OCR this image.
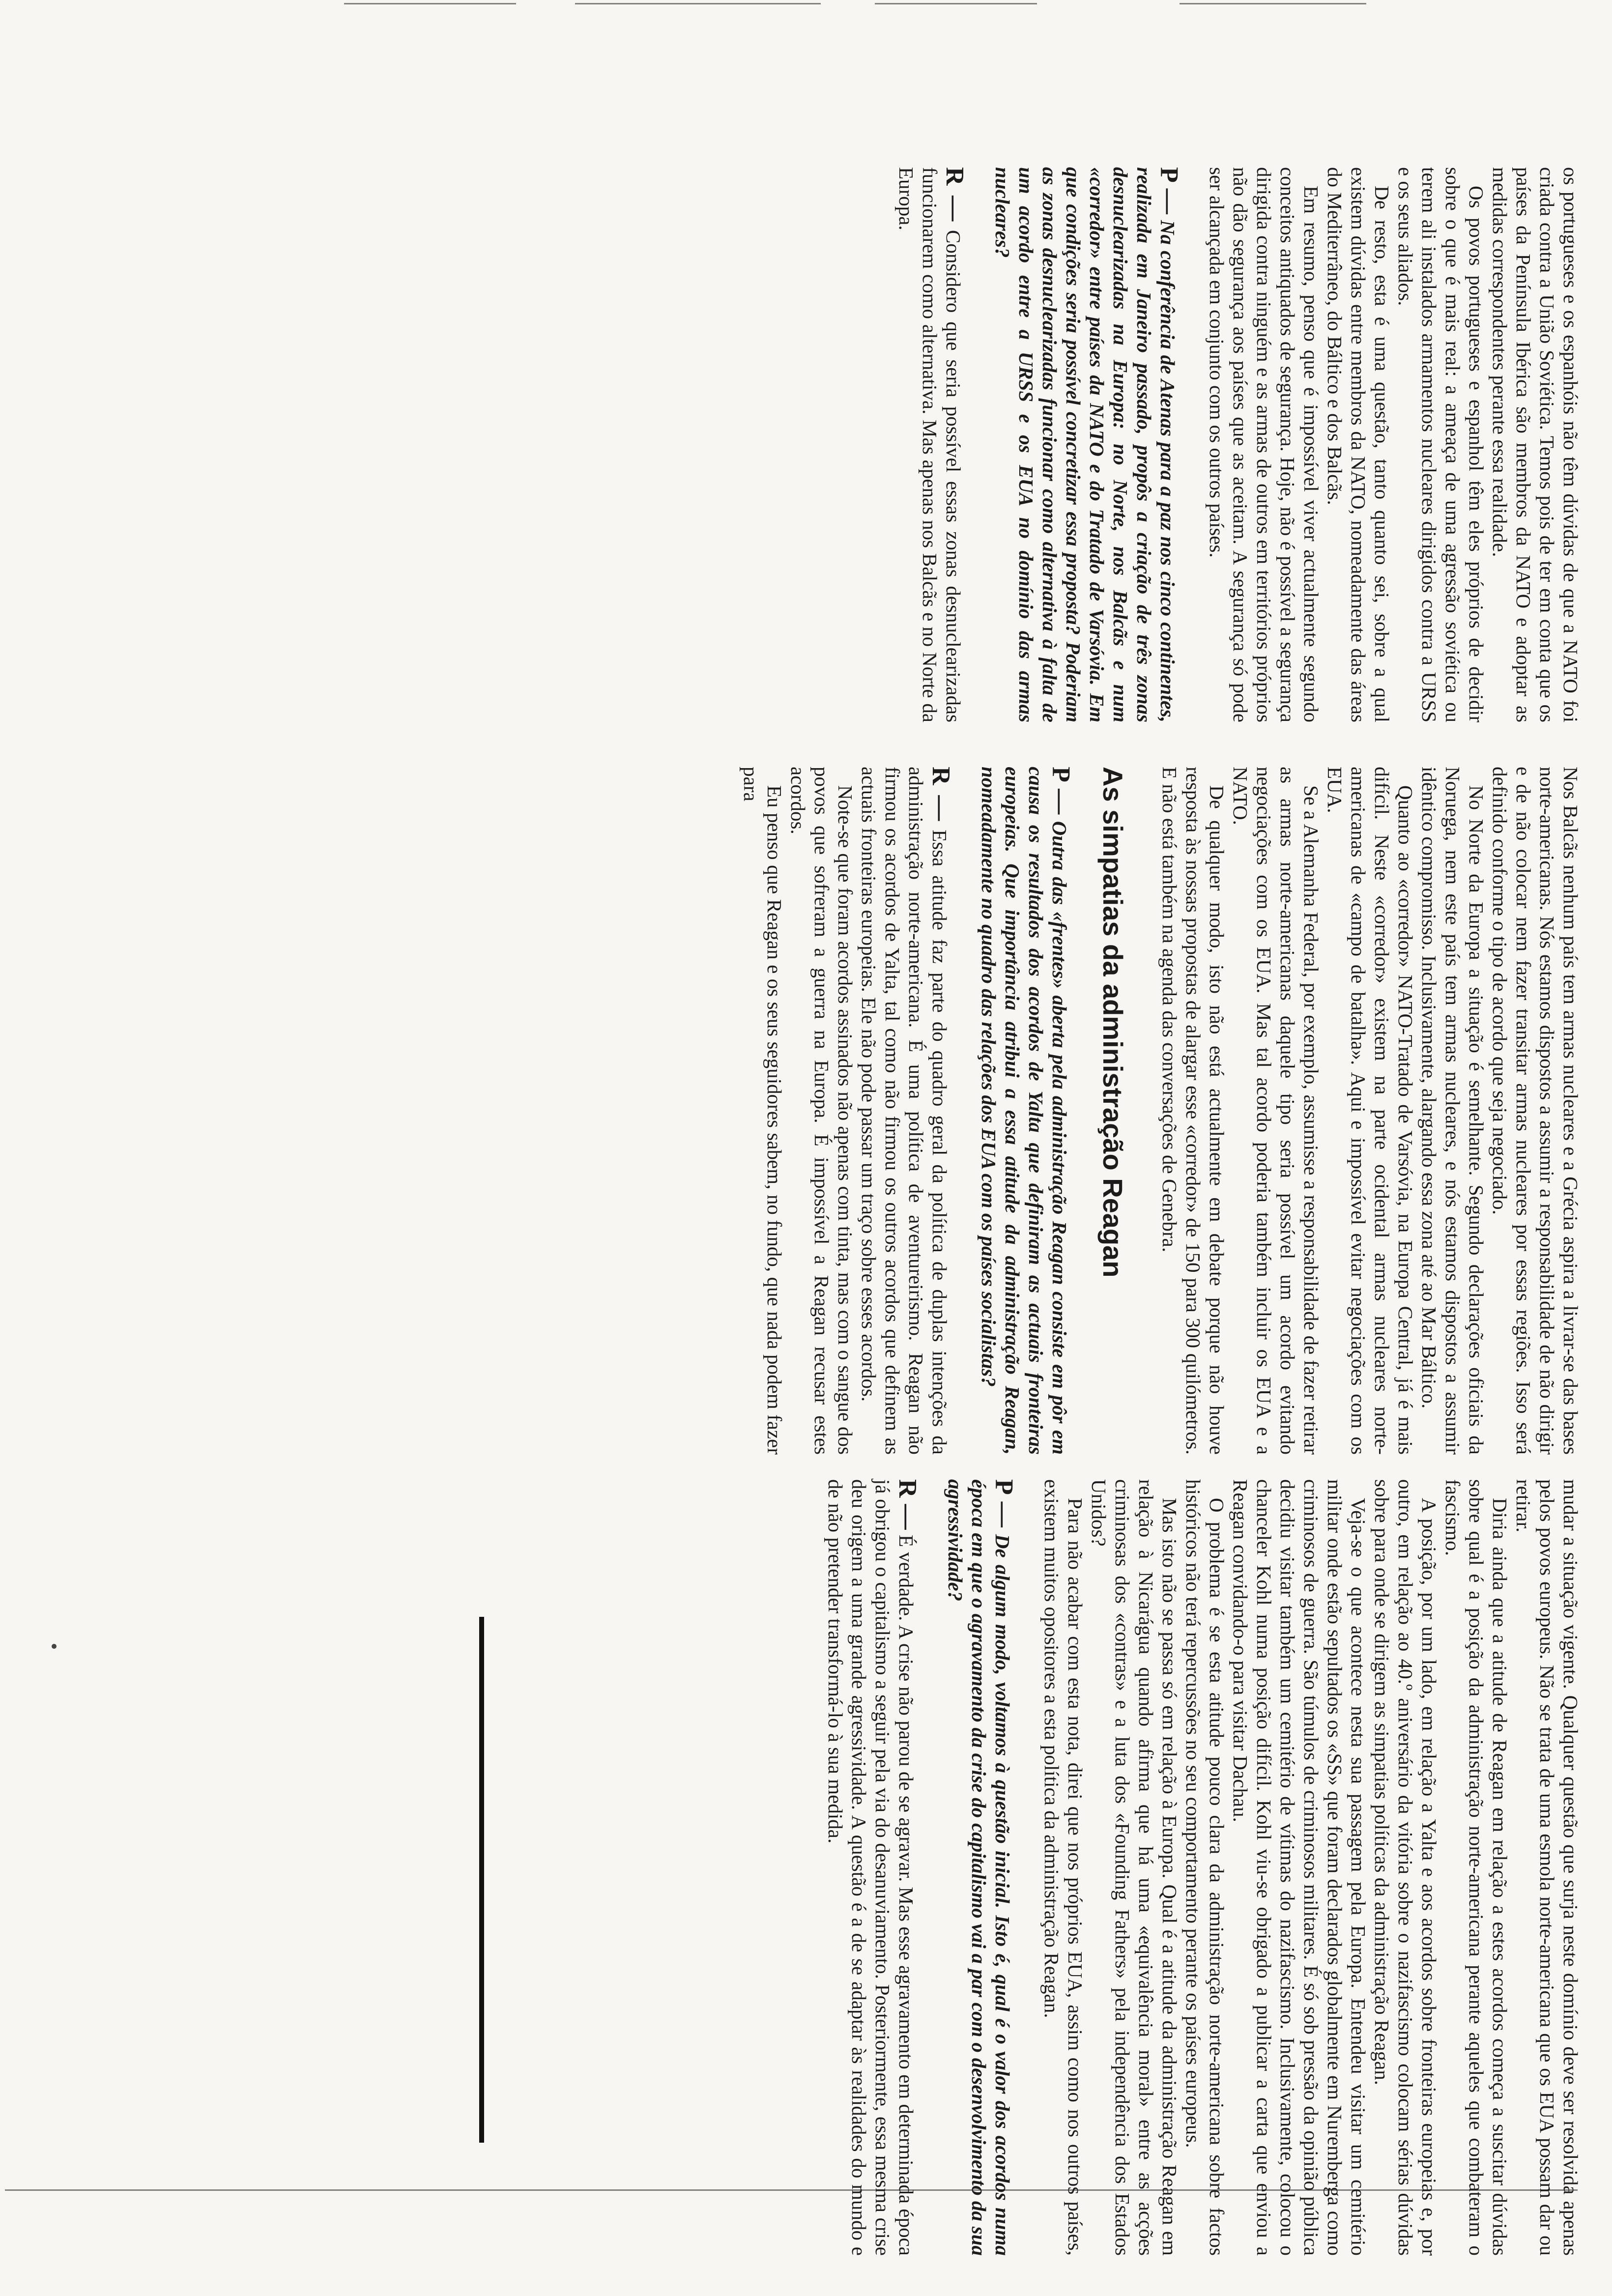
os portugueses e os espanhóis não têm dúvidas de que a NATO foi criada contra a União Soviética. Temos pois de ter em conta que os países da Península Ibérica são membros da NATO e adoptar as medidas correspondentes perante essa realidade.

Os povos portugueses e espanhol têm eles próprios de decidir sobre o que é mais real: a ameaça de uma agressão soviética ou terem ali instalados armamentos nucleares dirigidos contra a URSS e os seus aliados.

De resto, esta é uma questão, tanto quanto sei, sobre a qual existem dúvidas entre membros da NATO, nomeadamente das áreas do Mediterrâneo, do Báltico e dos Balcãs.

Em resumo, penso que é impossível viver actualmente segundo conceitos antiquados de segurança. Hoje, não é possível a segurança dirigida contra ninguém e as armas de outros em territórios próprios não dão segurança aos países que as aceitam. A segurança só pode ser alcançada em conjunto com os outros países.

P — Na conferência de Atenas para a paz nos cinco continentes, realizada em Janeiro passado, propôs a criação de três zonas desnuclearizadas na Europa: no Norte, nos Balcãs e num «corredor» entre países da NATO e do Tratado de Varsóvia. Em que condições seria possível concretizar essa proposta? Poderiam as zonas desnuclearizadas funcionar como alternativa à falta de um acordo entre a URSS e os EUA no domínio das armas nucleares?

R — Considero que seria possível essas zonas desnuclearizadas funcionarem como alternativa. Mas apenas nos Balcãs e no Norte da Europa.

Nos Balcãs nenhum país tem armas nucleares e a Grécia aspira a livrar-se das bases norte-americanas. Nós estamos dispostos a assumir a responsabilidade de não dirigir e de não colocar nem fazer transitar armas nucleares por essas regiões. Isso será definido conforme o tipo de acordo que seja negociado.

No Norte da Europa a situação é semelhante. Segundo declarações oficiais da Noruega, nem este país tem armas nucleares, e nós estamos dispostos a assumir idêntico compromisso. Inclusivamente, alargando essa zona até ao Mar Báltico.

Quanto ao «corredor» NATO-Tratado de Varsóvia, na Europa Central, já é mais difícil. Neste «corredor» existem na parte ocidental armas nucleares norte-americanas de «campo de batalha». Aqui e impossível evitar negociações com os EUA.

Se a Alemanha Federal, por exemplo, assumisse a responsabilidade de fazer retirar as armas norte-americanas daquele tipo seria possível um acordo evitando negociações com os EUA. Mas tal acordo poderia também incluir os EUA e a NATO.

De qualquer modo, isto não está actualmente em debate porque não houve resposta às nossas propostas de alargar esse «corredor» de 150 para 300 quilómetros. E não está também na agenda das conversações de Genebra.

As simpatias da administração Reagan

P — Outra das «frentes» aberta pela administração Reagan consiste em pôr em causa os resultados dos acordos de Yalta que definiram as actuais fronteiras europeias. Que importância atribui a essa atitude da administração Reagan, nomeadamente no quadro das relações dos EUA com os países socialistas?

R — Essa atitude faz parte do quadro geral da política de duplas intenções da administração norte-americana. É uma política de aventureirismo. Reagan não firmou os acordos de Yalta, tal como não firmou os outros acordos que definem as actuais fronteiras europeias. Ele não pode passar um traço sobre esses acordos.

Note-se que foram acordos assinados não apenas com tinta, mas com o sangue dos povos que sofreram a guerra na Europa. É impossível a Reagan recusar estes acordos.

Eu penso que Reagan e os seus seguidores sabem, no fundo, que nada podem fazer para

mudar a situação vigente. Qualquer questão que surja neste domínio deve ser resolvida apenas pelos povos europeus. Não se trata de uma esmola norte-americana que os EUA possam dar ou retirar.

Diria ainda que a atitude de Reagan em relação a estes acordos começa a suscitar dúvidas sobre qual é a posição da administração norte-americana perante aqueles que combateram o fascismo.

A posição, por um lado, em relação a Yalta e aos acordos sobre fronteiras europeias e, por outro, em relação ao 40.º aniversário da vitória sobre o nazifascismo colocam sérias dúvidas sobre para onde se dirigem as simpatias políticas da administração Reagan.

Veja-se o que acontece nesta sua passagem pela Europa. Entendeu visitar um cemitério militar onde estão sepultados os «SS» que foram declarados globalmente em Nuremberga como criminosos de guerra. São túmulos de criminosos militares. É só sob pressão da opinião pública decidiu visitar também um cemitério de vítimas do nazifascismo. Inclusivamente, colocou o chanceler Kohl numa posição difícil. Kohl viu-se obrigado a publicar a carta que enviou a Reagan convidando-o para visitar Dachau.

O problema é se esta atitude pouco clara da administração norte-americana sobre factos históricos não terá repercussões no seu comportamento perante os países europeus.

Mas isto não se passa só em relação à Europa. Qual é a atitude da administração Reagan em relação à Nicarágua quando afirma que há uma «equivalência moral» entre as acções criminosas dos «contras» e a luta dos «Founding Fathers» pela independência dos Estados Unidos?

Para não acabar com esta nota, direi que nos próprios EUA, assim como nos outros países, existem muitos opositores a esta política da administração Reagan.

P — De algum modo, voltamos à questão inicial. Isto é, qual é o valor dos acordos numa época em que o agravamento da crise do capitalismo vai a par com o desenvolvimento da sua agressividade?

R — É verdade. A crise não parou de se agravar. Mas esse agravamento em determinada época já obrigou o capitalismo a seguir pela via do desanuviamento. Posteriormente, essa mesma crise deu origem a uma grande agressividade. A questão é a de se adaptar às realidades do mundo e de não pretender transformá-lo à sua medida.
